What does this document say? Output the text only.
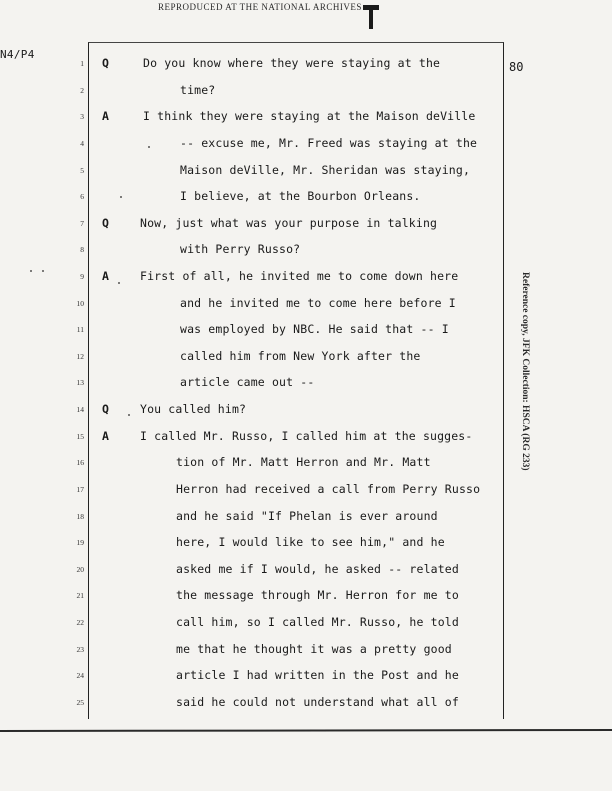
REPRODUCED AT THE NATIONAL ARCHIVES
N4/P4
80
1 Q	Do you know where they were staying at the
2	time?
3 A	I think they were staying at the Maison deVille
4	-- excuse me, Mr. Freed was staying at the
5	Maison deVille, Mr. Sheridan was staying,
6	I believe, at the Bourbon Orleans.
7 Q	Now, just what was your purpose in talking
8	with Perry Russo?
9 A	First of all, he invited me to come down here
10	and he invited me to come here before I
11	was employed by NBC. He said that -- I
12	called him from New York after the
13	article came out --
14 Q	You called him?
15 A	I called Mr. Russo, I called him at the sugges-
16	tion of Mr. Matt Herron and Mr. Matt
17	Herron had received a call from Perry Russo
18	and he said "If Phelan is ever around
19	here, I would like to see him," and he
20	asked me if I would, he asked -- related
21	the message through Mr. Herron for me to
22	call him, so I called Mr. Russo, he told
23	me that he thought it was a pretty good
24	article I had written in the Post and he
25	said he could not understand what all of
Reference copy, JFK Collection: HSCA (RG 233)
